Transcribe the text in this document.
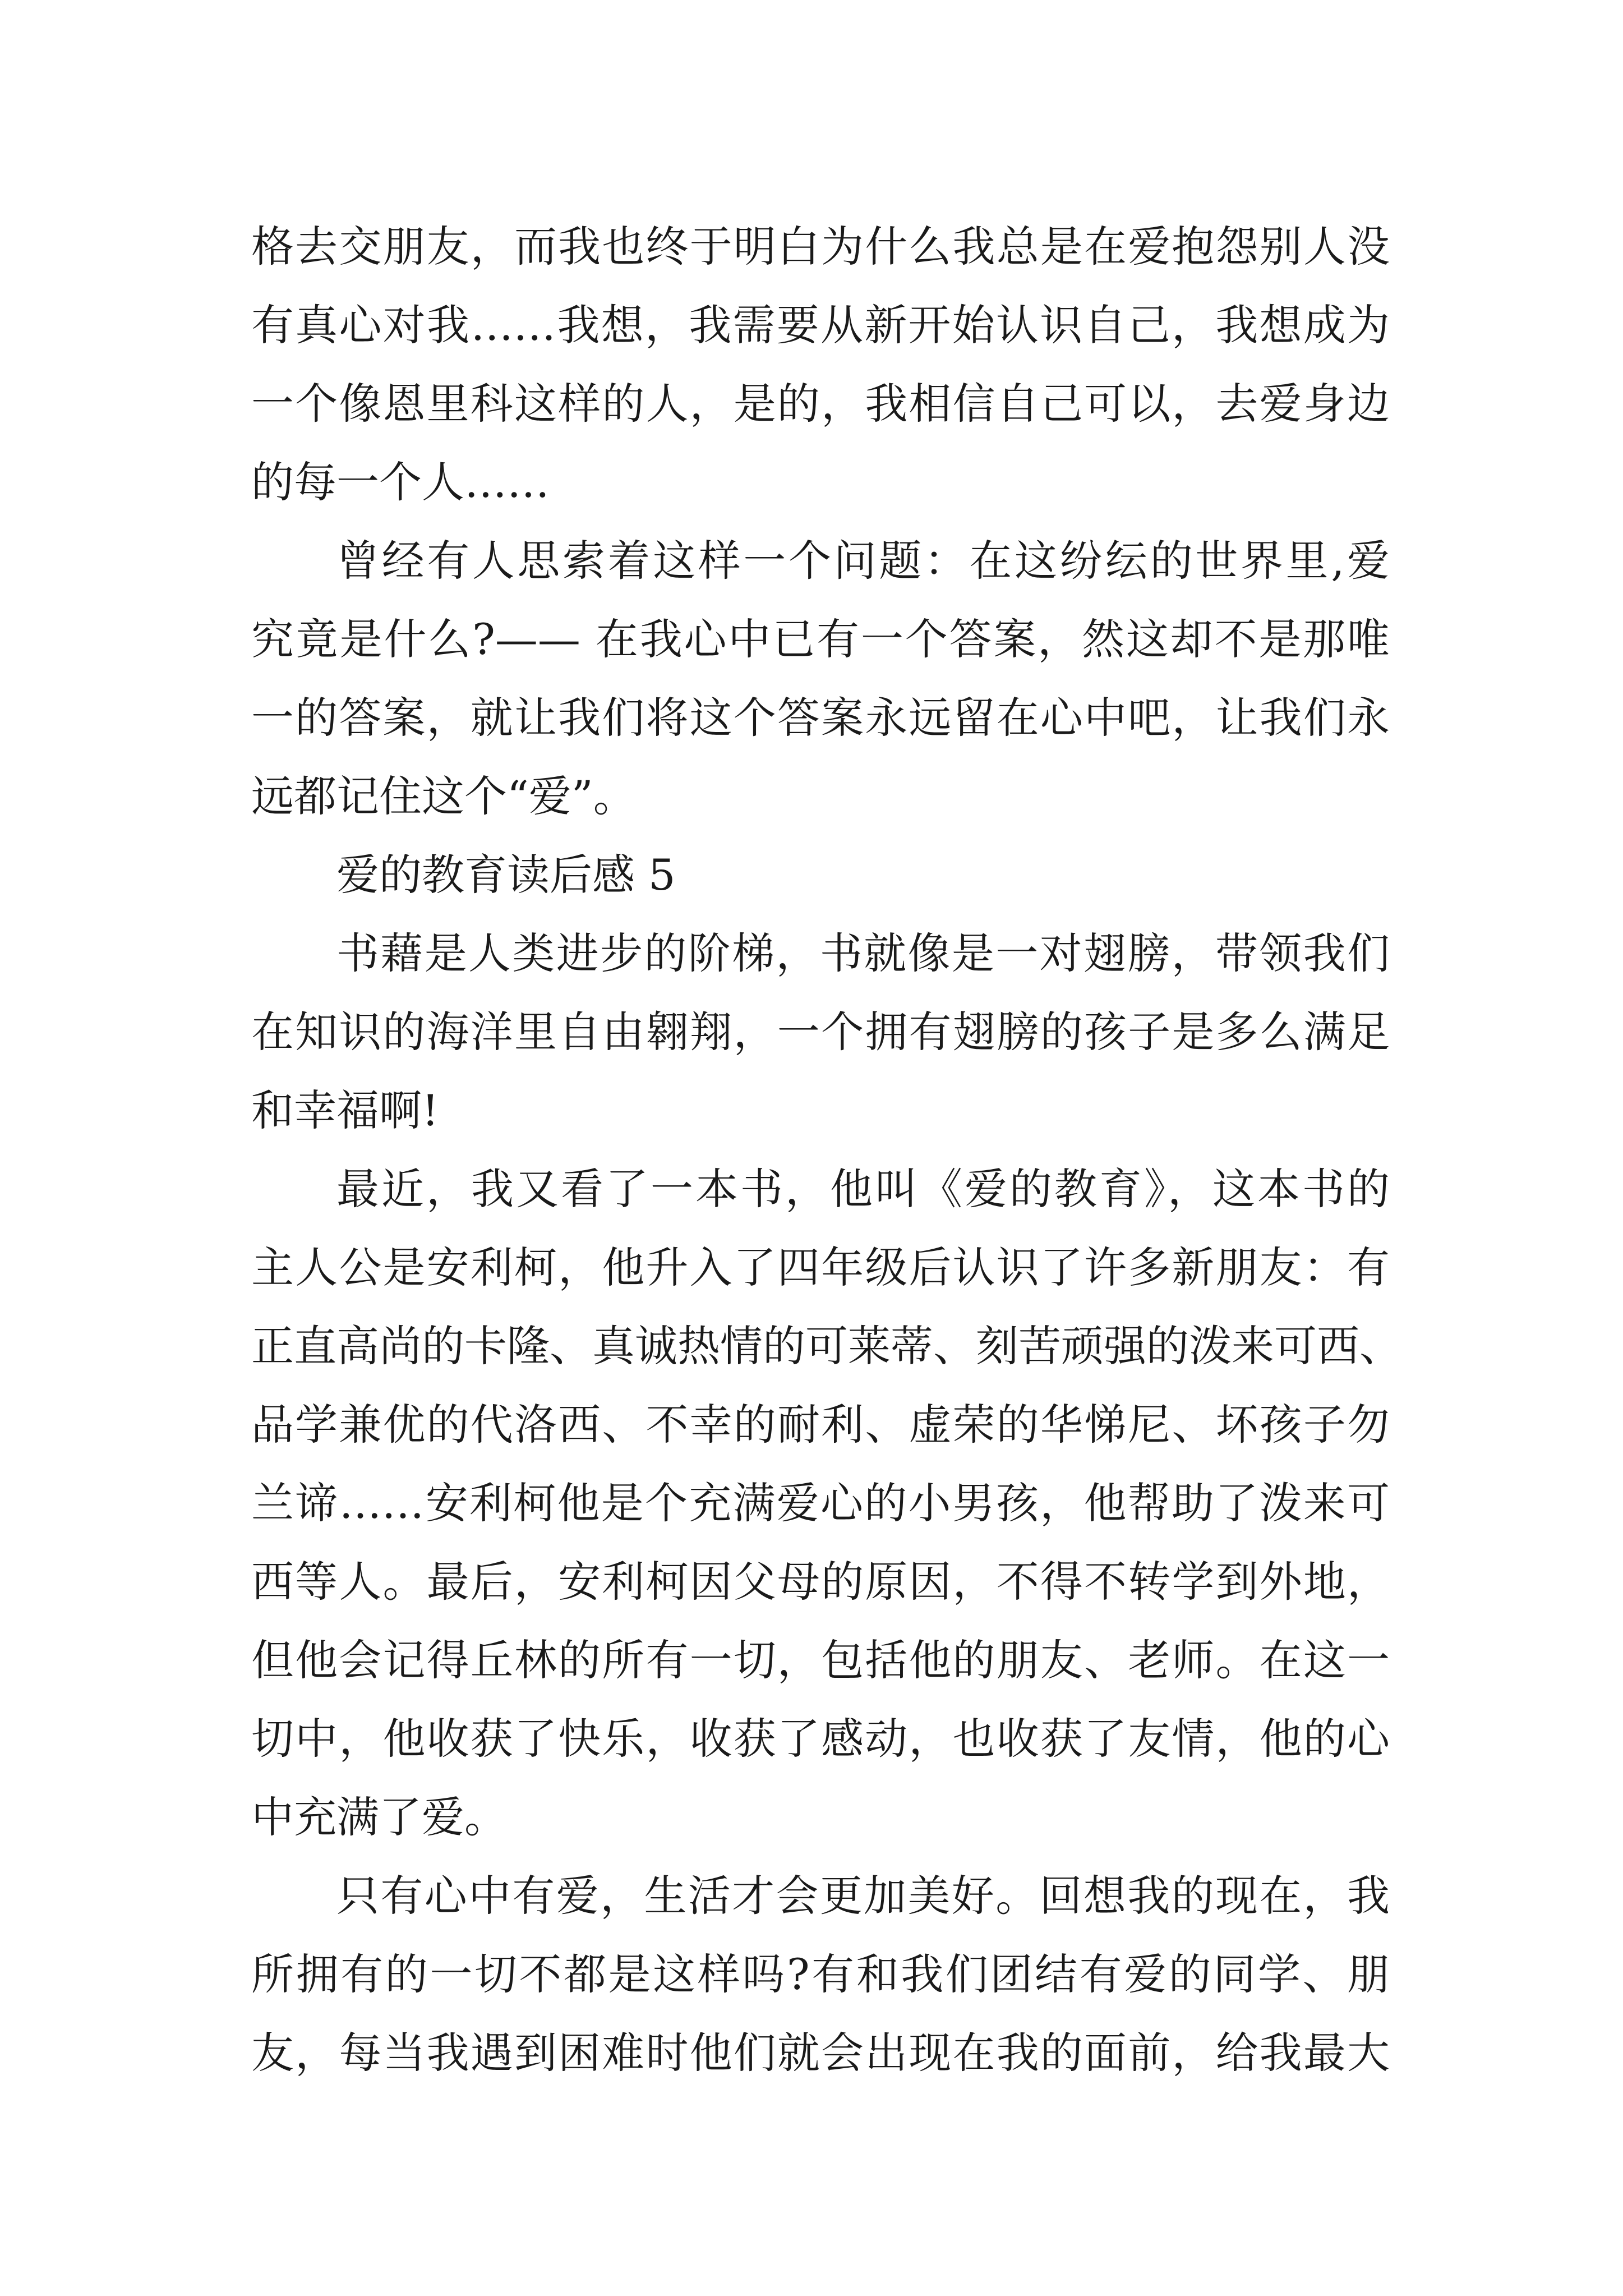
格去交朋友，而我也终于明白为什么我总是在爱抱怨别人没
有真心对我……我想，我需要从新开始认识自己，我想成为
一个像恩里科这样的人，是的，我相信自己可以，去爱身边
的每一个人……
曾经有人思索着这样一个问题：在这纷纭的世界里,爱
究竟是什么?—— 在我心中已有一个答案，然这却不是那唯
一的答案，就让我们将这个答案永远留在心中吧，让我们永
远都记住这个“爱”。
爱的教育读后感 5
书藉是人类进步的阶梯，书就像是一对翅膀，带领我们
在知识的海洋里自由翱翔，一个拥有翅膀的孩子是多么满足
和幸福啊!
最近，我又看了一本书，他叫《爱的教育》，这本书的
主人公是安利柯，他升入了四年级后认识了许多新朋友：有
正直高尚的卡隆、真诚热情的可莱蒂、刻苦顽强的泼来可西、
品学兼优的代洛西、不幸的耐利、虚荣的华悌尼、坏孩子勿
兰谛……安利柯他是个充满爱心的小男孩，他帮助了泼来可
西等人。最后，安利柯因父母的原因，不得不转学到外地，
但他会记得丘林的所有一切，包括他的朋友、老师。在这一
切中，他收获了快乐，收获了感动，也收获了友情，他的心
中充满了爱。
只有心中有爱，生活才会更加美好。回想我的现在，我
所拥有的一切不都是这样吗?有和我们团结有爱的同学、朋
友，每当我遇到困难时他们就会出现在我的面前，给我最大
